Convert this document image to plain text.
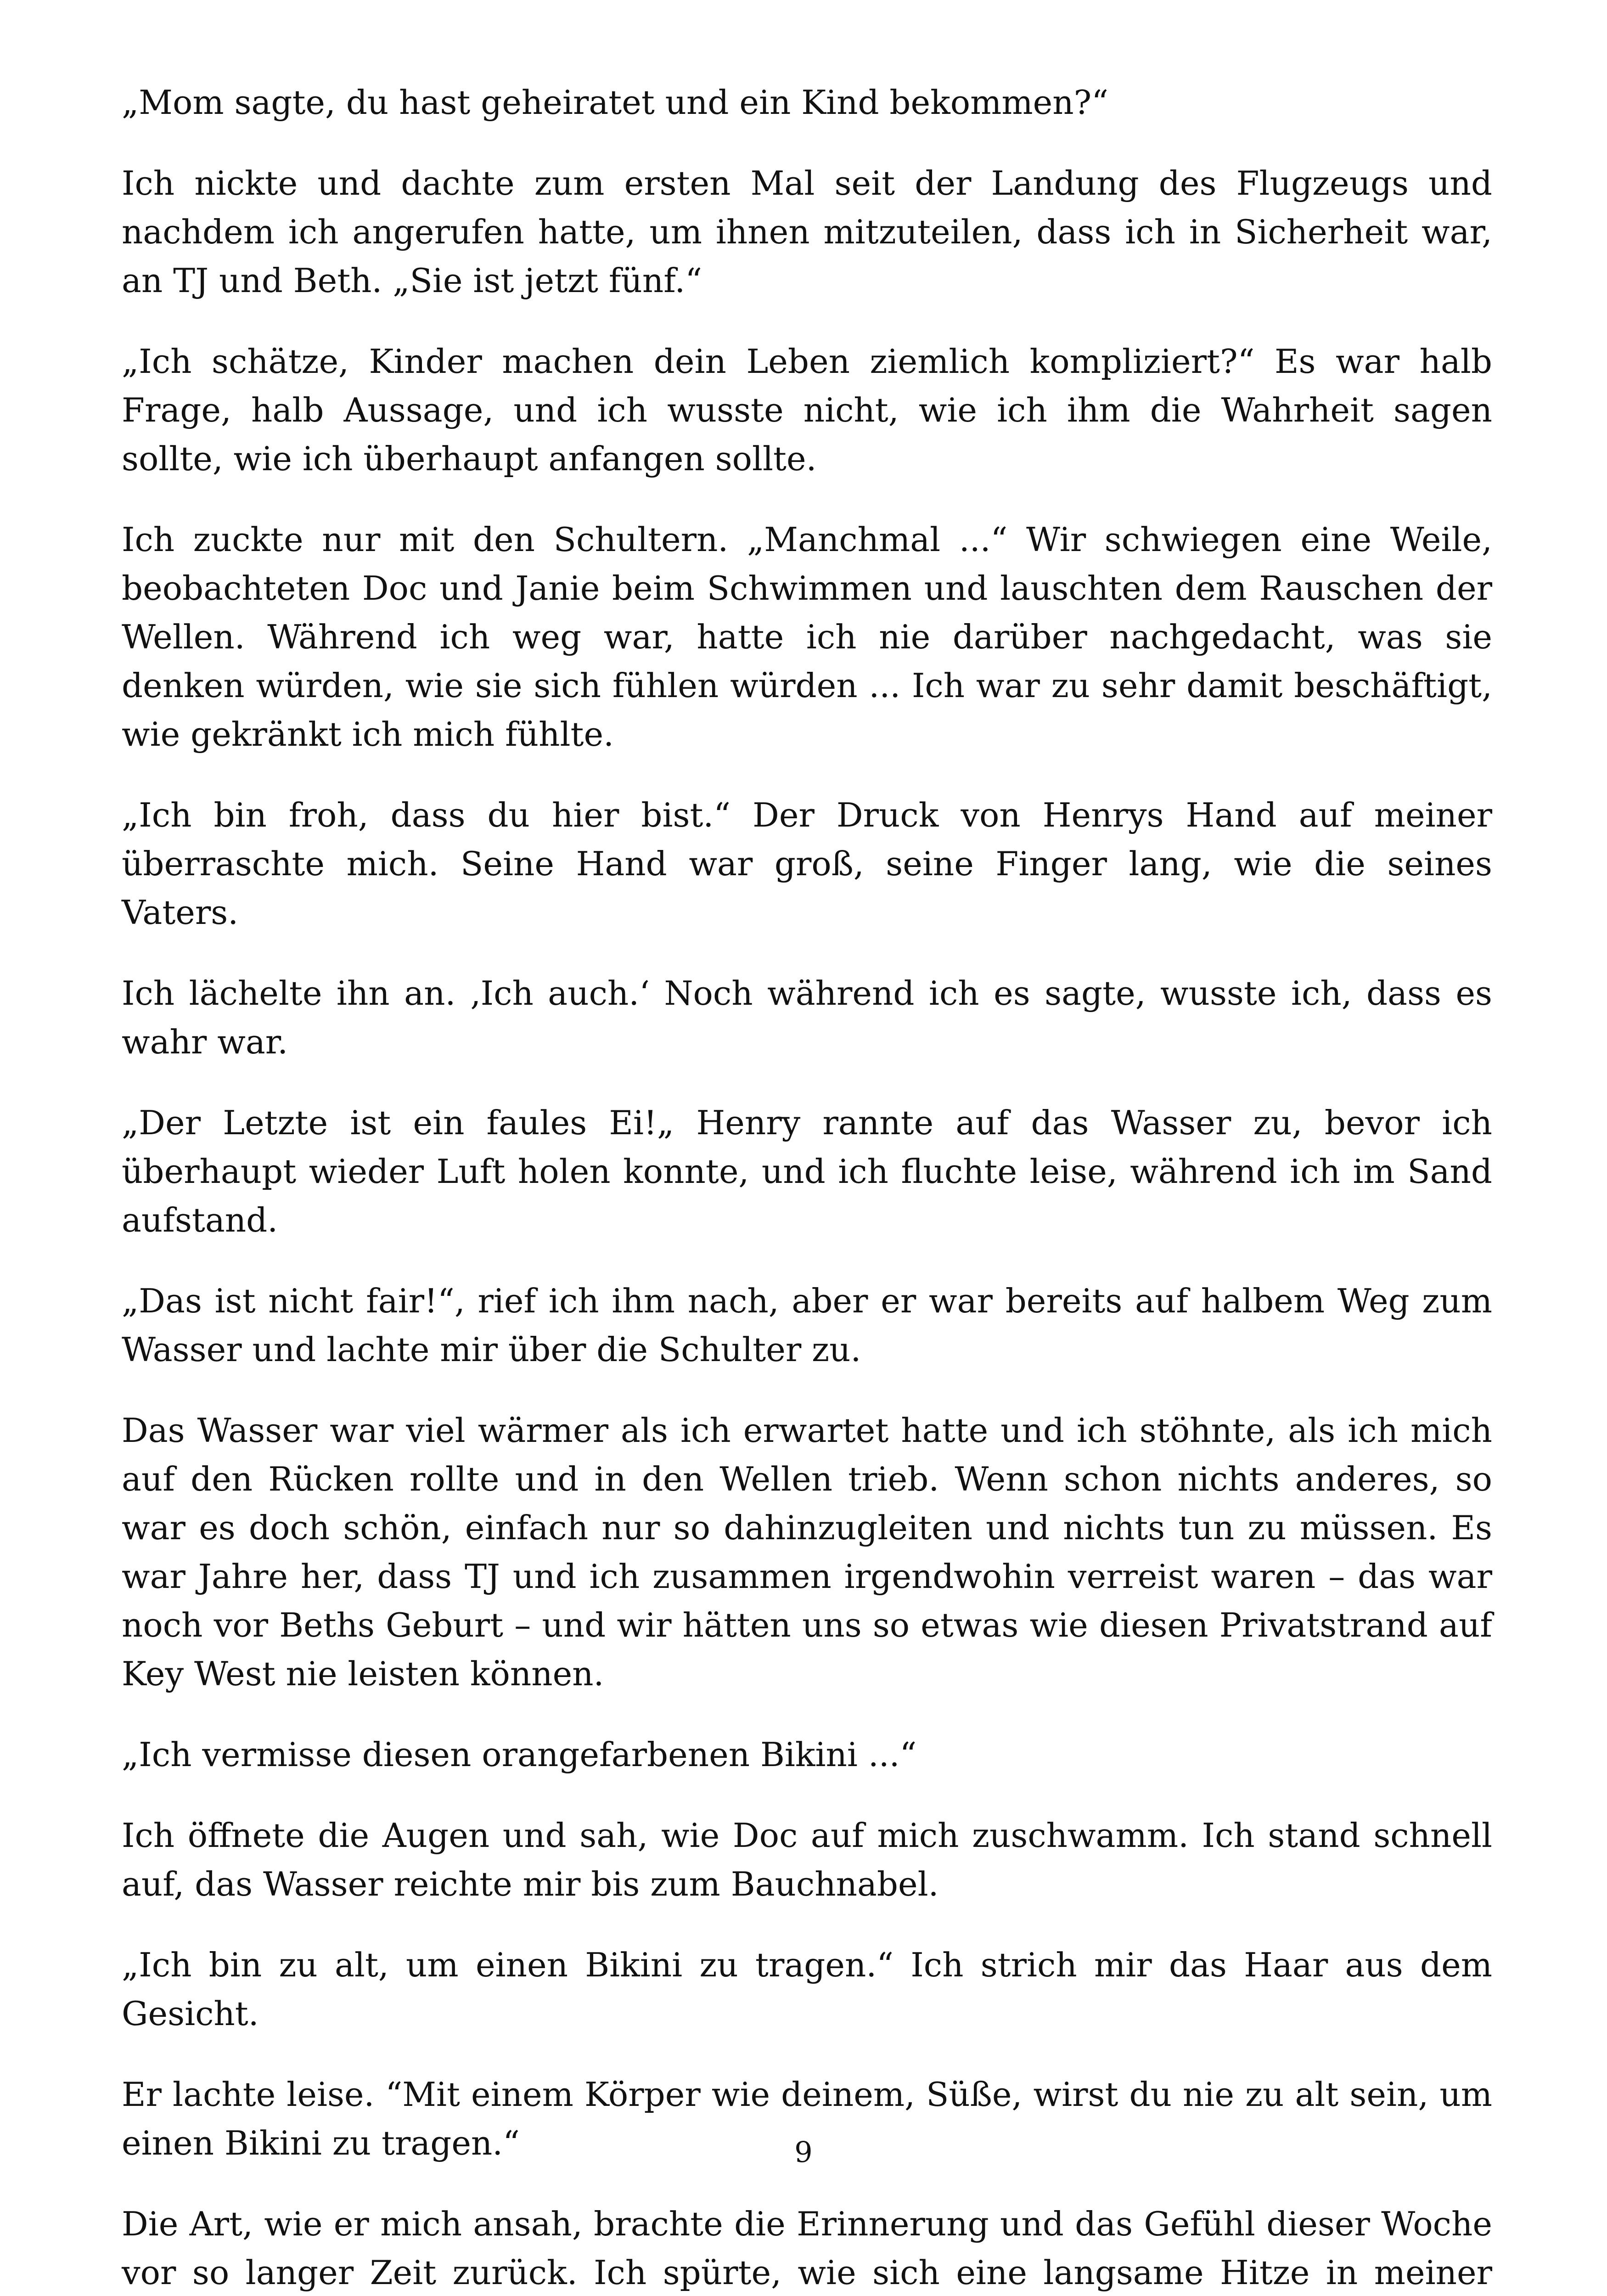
„Mom sagte, du hast geheiratet und ein Kind bekommen?“

Ich nickte und dachte zum ersten Mal seit der Landung des Flugzeugs und nachdem ich angerufen hatte, um ihnen mitzuteilen, dass ich in Sicherheit war, an TJ und Beth. „Sie ist jetzt fünf.“

„Ich schätze, Kinder machen dein Leben ziemlich kompliziert?“ Es war halb Frage, halb Aussage, und ich wusste nicht, wie ich ihm die Wahrheit sagen sollte, wie ich überhaupt anfangen sollte.

Ich zuckte nur mit den Schultern. „Manchmal ...“ Wir schwiegen eine Weile, beobachteten Doc und Janie beim Schwimmen und lauschten dem Rauschen der Wellen. Während ich weg war, hatte ich nie darüber nachgedacht, was sie denken würden, wie sie sich fühlen würden ... Ich war zu sehr damit beschäftigt, wie gekränkt ich mich fühlte.

„Ich bin froh, dass du hier bist.“ Der Druck von Henrys Hand auf meiner überraschte mich. Seine Hand war groß, seine Finger lang, wie die seines Vaters.

Ich lächelte ihn an. ‚Ich auch.‘ Noch während ich es sagte, wusste ich, dass es wahr war.

„Der Letzte ist ein faules Ei!„ Henry rannte auf das Wasser zu, bevor ich überhaupt wieder Luft holen konnte, und ich fluchte leise, während ich im Sand aufstand.

„Das ist nicht fair!“, rief ich ihm nach, aber er war bereits auf halbem Weg zum Wasser und lachte mir über die Schulter zu.

Das Wasser war viel wärmer als ich erwartet hatte und ich stöhnte, als ich mich auf den Rücken rollte und in den Wellen trieb. Wenn schon nichts anderes, so war es doch schön, einfach nur so dahinzugleiten und nichts tun zu müssen. Es war Jahre her, dass TJ und ich zusammen irgendwohin verreist waren – das war noch vor Beths Geburt – und wir hätten uns so etwas wie diesen Privatstrand auf Key West nie leisten können.

„Ich vermisse diesen orangefarbenen Bikini ...“

Ich öffnete die Augen und sah, wie Doc auf mich zuschwamm. Ich stand schnell auf, das Wasser reichte mir bis zum Bauchnabel.

„Ich bin zu alt, um einen Bikini zu tragen.“ Ich strich mir das Haar aus dem Gesicht.

Er lachte leise. “Mit einem Körper wie deinem, Süße, wirst du nie zu alt sein, um einen Bikini zu tragen.“

Die Art, wie er mich ansah, brachte die Erinnerung und das Gefühl dieser Woche vor so langer Zeit zurück. Ich spürte, wie sich eine langsame Hitze in meiner

9
